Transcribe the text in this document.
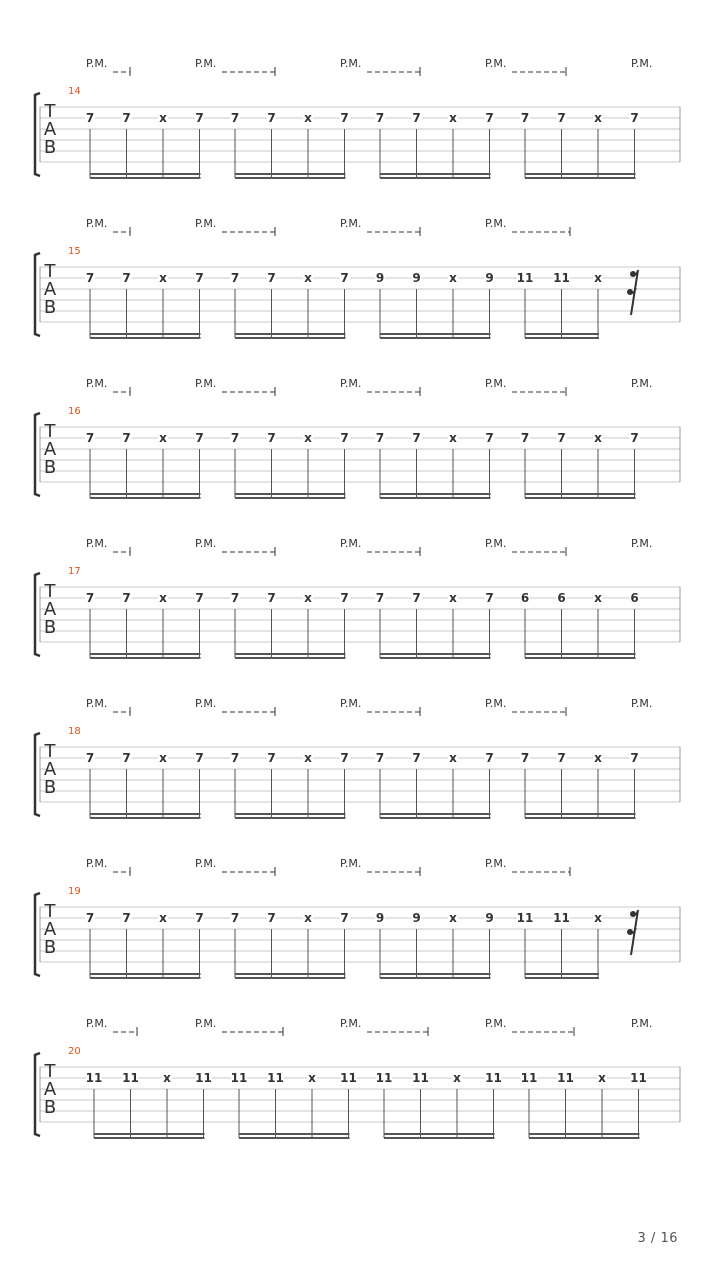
P.M.	P.M.	P.M.	P.M.	P.M.
14
T
A
B
7 7 x 7 7 7 x 7 7 7 x 7 7 7 x 7
P.M.	P.M.	P.M.	P.M.
15
T
A
B
7 7 x 7 7 7 x 7 9 9 x 9 11 11 x
P.M.	P.M.	P.M.	P.M.	P.M.
16
T
A
B
7 7 x 7 7 7 x 7 7 7 x 7 7 7 x 7
P.M.	P.M.	P.M.	P.M.	P.M.
17
T
A
B
7 7 x 7 7 7 x 7 7 7 x 7 6 6 x 6
P.M.	P.M.	P.M.	P.M.	P.M.
18
T
A
B
7 7 x 7 7 7 x 7 7 7 x 7 7 7 x 7
P.M.	P.M.	P.M.	P.M.
19
T
A
B
7 7 x 7 7 7 x 7 9 9 x 9 11 11 x
P.M.	P.M.	P.M.	P.M.	P.M.
20
T
A
B
11 11 x 11 11 11 x 11 11 11 x 11 11 11 x 11
3 / 16
